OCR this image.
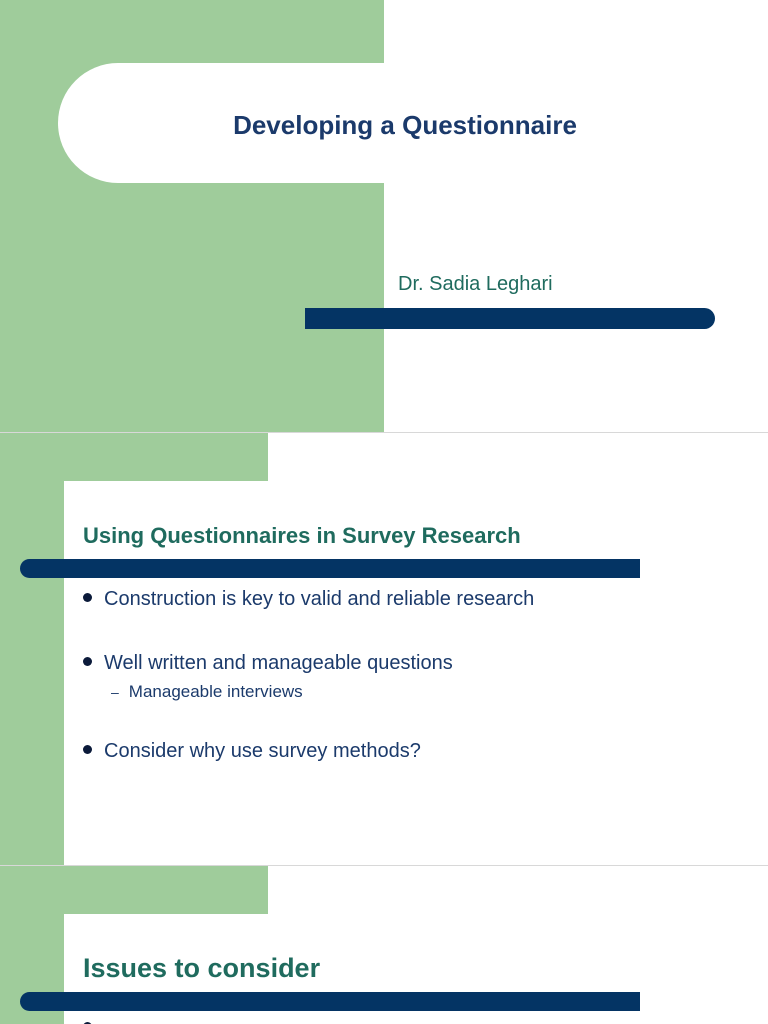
Developing a Questionnaire
Dr. Sadia Leghari
Using Questionnaires in Survey Research
Construction is key to valid and reliable research
Well written and manageable questions
– Manageable interviews
Consider why use survey methods?
Issues to consider
